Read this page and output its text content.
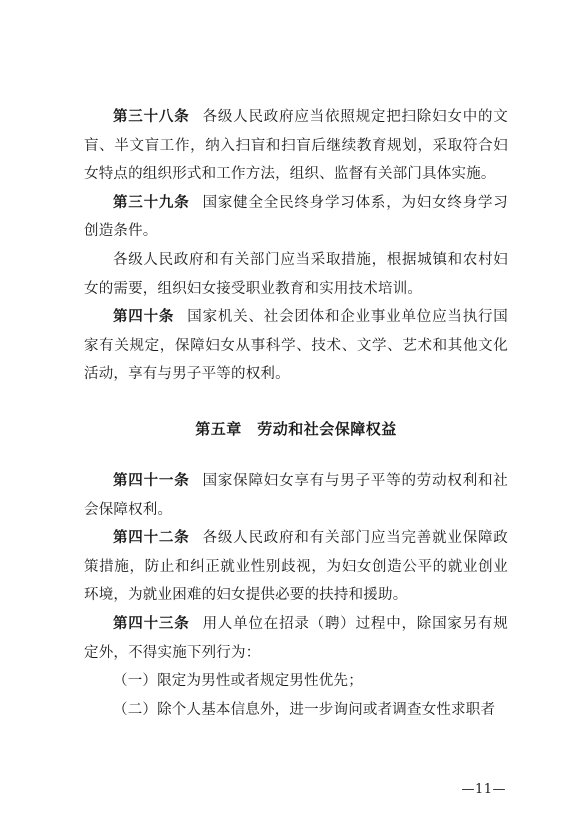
第三十八条 各级人民政府应当依照规定把扫除妇女中的文盲、半文盲工作，纳入扫盲和扫盲后继续教育规划，采取符合妇女特点的组织形式和工作方法，组织、监督有关部门具体实施。

第三十九条 国家健全全民终身学习体系，为妇女终身学习创造条件。

各级人民政府和有关部门应当采取措施，根据城镇和农村妇女的需要，组织妇女接受职业教育和实用技术培训。

第四十条 国家机关、社会团体和企业事业单位应当执行国家有关规定，保障妇女从事科学、技术、文学、艺术和其他文化活动，享有与男子平等的权利。

第五章　劳动和社会保障权益

第四十一条 国家保障妇女享有与男子平等的劳动权利和社会保障权利。

第四十二条 各级人民政府和有关部门应当完善就业保障政策措施，防止和纠正就业性别歧视，为妇女创造公平的就业创业环境，为就业困难的妇女提供必要的扶持和援助。

第四十三条 用人单位在招录（聘）过程中，除国家另有规定外，不得实施下列行为：

（一）限定为男性或者规定男性优先；

（二）除个人基本信息外，进一步询问或者调查女性求职者

—11—
